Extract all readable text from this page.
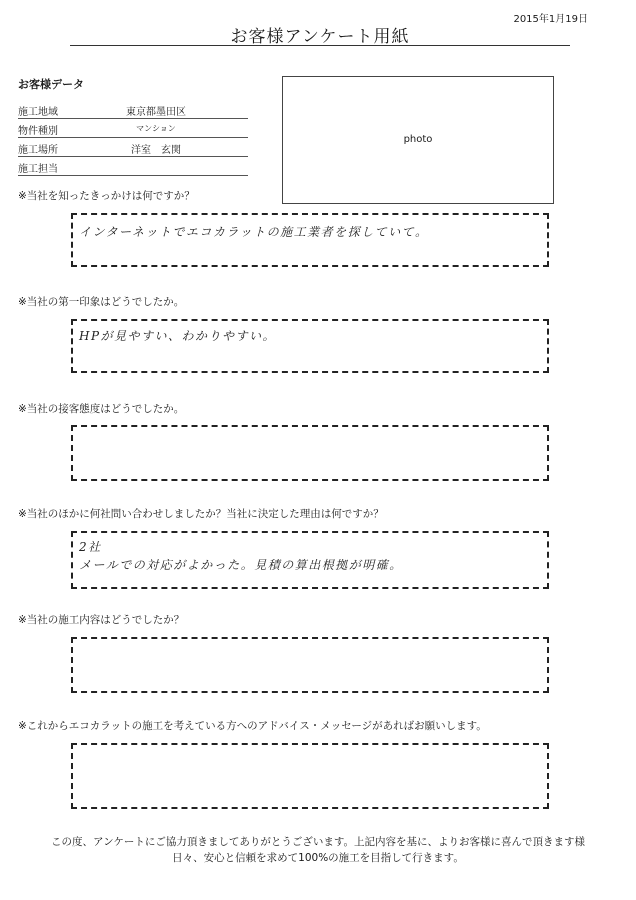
2015年1月19日
お客様アンケート用紙
お客様データ
施工地域	東京都墨田区
物件種別	マンション
施工場所	洋室　玄関
施工担当
photo
※当社を知ったきっかけは何ですか？
インターネットでエコカラットの施工業者を探していて。
※当社の第一印象はどうでしたか。
HPが見やすい、わかりやすい。
※当社の接客態度はどうでしたか。
※当社のほかに何社問い合わせしましたか？当社に決定した理由は何ですか？
2社
メールでの対応がよかった。見積の算出根拠が明確。
※当社の施工内容はどうでしたか？
※これからエコカラットの施工を考えている方へのアドバイス・メッセージがあればお願いします。
この度、アンケートにご協力頂きましてありがとうございます。上記内容を基に、よりお客様に喜んで頂きます様
日々、安心と信頼を求めて100%の施工を目指して行きます。
